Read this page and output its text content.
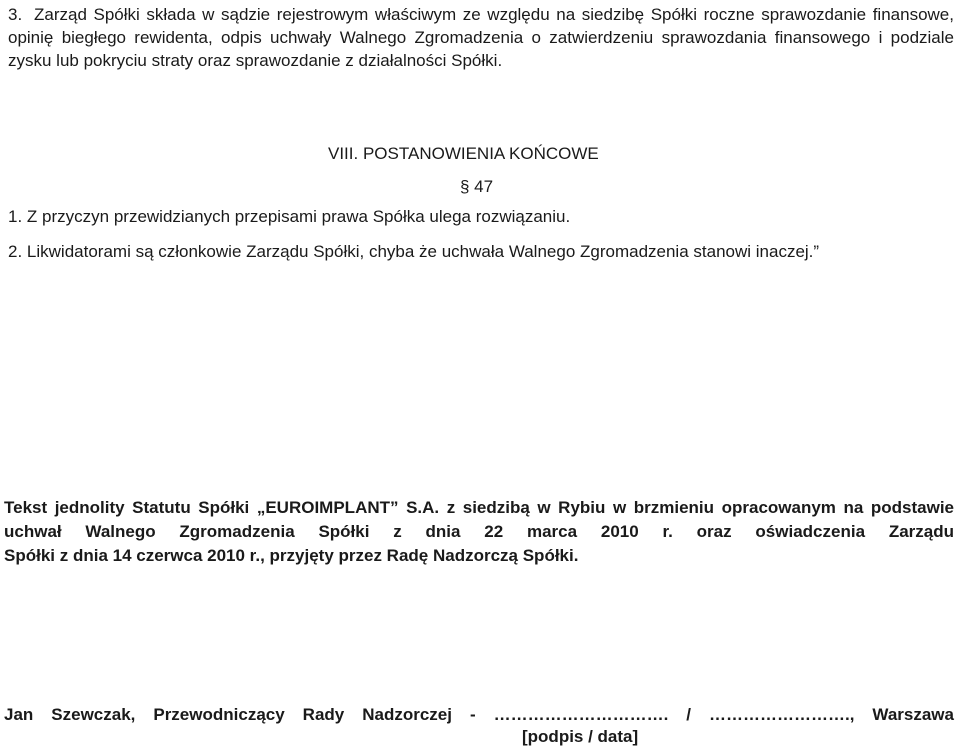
3. Zarząd Spółki składa w sądzie rejestrowym właściwym ze względu na siedzibę Spółki roczne sprawozdanie finansowe, opinię biegłego rewidenta, odpis uchwały Walnego Zgromadzenia o zatwierdzeniu sprawozdania finansowego i podziale zysku lub pokryciu straty oraz sprawozdanie z działalności Spółki.
VIII. POSTANOWIENIA KOŃCOWE
§ 47
1. Z przyczyn przewidzianych przepisami prawa Spółka ulega rozwiązaniu.
2. Likwidatorami są członkowie Zarządu Spółki, chyba że uchwała Walnego Zgromadzenia stanowi inaczej.”
Tekst jednolity Statutu Spółki „EUROIMPLANT” S.A. z siedzibą w Rybiu w brzmieniu opracowanym na podstawie uchwał Walnego Zgromadzenia Spółki z dnia 22 marca 2010 r. oraz oświadczenia Zarządu
Spółki z dnia 14 czerwca 2010 r., przyjęty przez Radę Nadzorczą Spółki.
Jan Szewczak, Przewodniczący Rady Nadzorczej - …………………………. / ……………………., Warszawa
[podpis / data]
